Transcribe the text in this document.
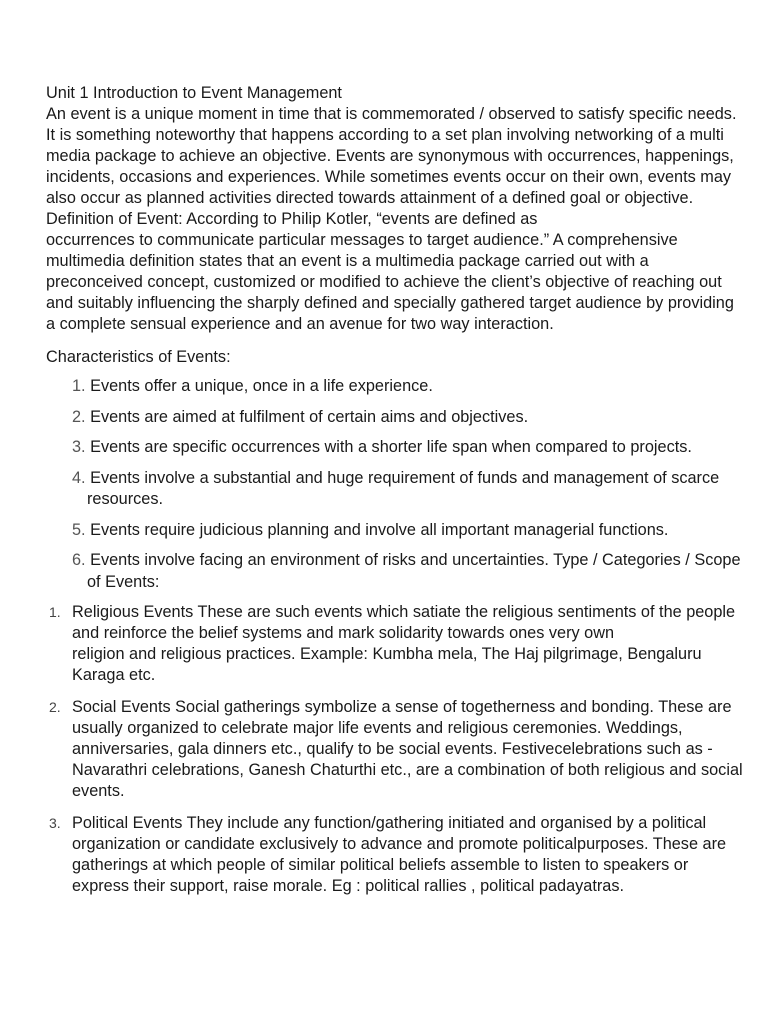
Unit 1 Introduction to Event Management

An event is a unique moment in time that is commemorated / observed to satisfy specific needs. It is something noteworthy that happens according to a set plan involving networking of a multi media package to achieve an objective. Events are synonymous with occurrences, happenings, incidents, occasions and experiences. While sometimes events occur on their own, events may also occur as planned activities directed towards attainment of a defined goal or objective. Definition of Event: According to Philip Kotler, “events are defined as
occurrences to communicate particular messages to target audience.” A comprehensive multimedia definition states that an event is a multimedia package carried out with a preconceived concept, customized or modified to achieve the client’s objective of reaching out and suitably influencing the sharply defined and specially gathered target audience by providing a complete sensual experience and an avenue for two way interaction.

Characteristics of Events:

1. Events offer a unique, once in a life experience.
2. Events are aimed at fulfilment of certain aims and objectives.
3. Events are specific occurrences with a shorter life span when compared to projects.
4. Events involve a substantial and huge requirement of funds and management of scarce resources.
5. Events require judicious planning and involve all important managerial functions.
6. Events involve facing an environment of risks and uncertainties. Type / Categories / Scope of Events:
1. Religious Events These are such events which satiate the religious sentiments of the people and reinforce the belief systems and mark solidarity towards ones very own
religion and religious practices. Example: Kumbha mela, The Haj pilgrimage, Bengaluru Karaga etc.
2. Social Events Social gatherings symbolize a sense of togetherness and bonding. These are usually organized to celebrate major life events and religious ceremonies. Weddings, anniversaries, gala dinners etc., qualify to be social events. Festivecelebrations such as - Navarathri celebrations, Ganesh Chaturthi etc., are a combination of both religious and social events.
3. Political Events They include any function/gathering initiated and organised by a political organization or candidate exclusively to advance and promote politicalpurposes. These are gatherings at which people of similar political beliefs assemble to listen to speakers or express their support, raise morale. Eg : political rallies , political padayatras.
